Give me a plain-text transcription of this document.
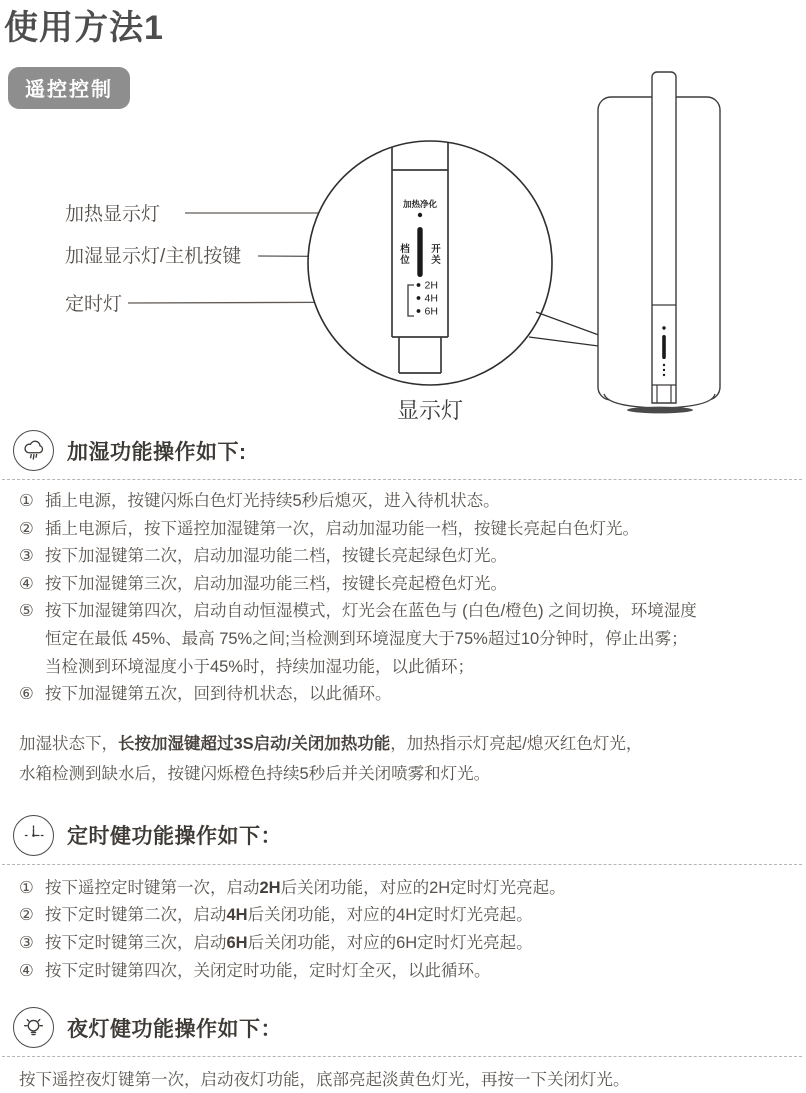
使用方法1
遥控控制
加热显示灯
加湿显示灯/主机按键
定时灯
加热净化
档
位
开
关
2H
4H
6H
显示灯
加湿功能操作如下:
① 插上电源，按键闪烁白色灯光持续5秒后熄灭，进入待机状态。
② 插上电源后，按下遥控加湿键第一次，启动加湿功能一档，按键长亮起白色灯光。
③ 按下加湿键第二次，启动加湿功能二档，按键长亮起绿色灯光。
④ 按下加湿键第三次，启动加湿功能三档，按键长亮起橙色灯光。
⑤ 按下加湿键第四次，启动自动恒湿模式，灯光会在蓝色与 (白色/橙色) 之间切换，环境湿度
恒定在最低 45%、最高 75%之间;当检测到环境湿度大于75%超过10分钟时，停止出雾；
当检测到环境湿度小于45%时，持续加湿功能，以此循环；
⑥ 按下加湿键第五次，回到待机状态，以此循环。

加湿状态下，长按加湿键超过3S启动/关闭加热功能，加热指示灯亮起/熄灭红色灯光，
水箱检测到缺水后，按键闪烁橙色持续5秒后并关闭喷雾和灯光。

定时健功能操作如下：
① 按下遥控定时键第一次，启动2H后关闭功能，对应的2H定时灯光亮起。
② 按下定时键第二次，启动4H后关闭功能，对应的4H定时灯光亮起。
③ 按下定时键第三次，启动6H后关闭功能，对应的6H定时灯光亮起。
④ 按下定时键第四次，关闭定时功能，定时灯全灭，以此循环。
夜灯健功能操作如下：

按下遥控夜灯键第一次，启动夜灯功能，底部亮起淡黄色灯光，再按一下关闭灯光。
